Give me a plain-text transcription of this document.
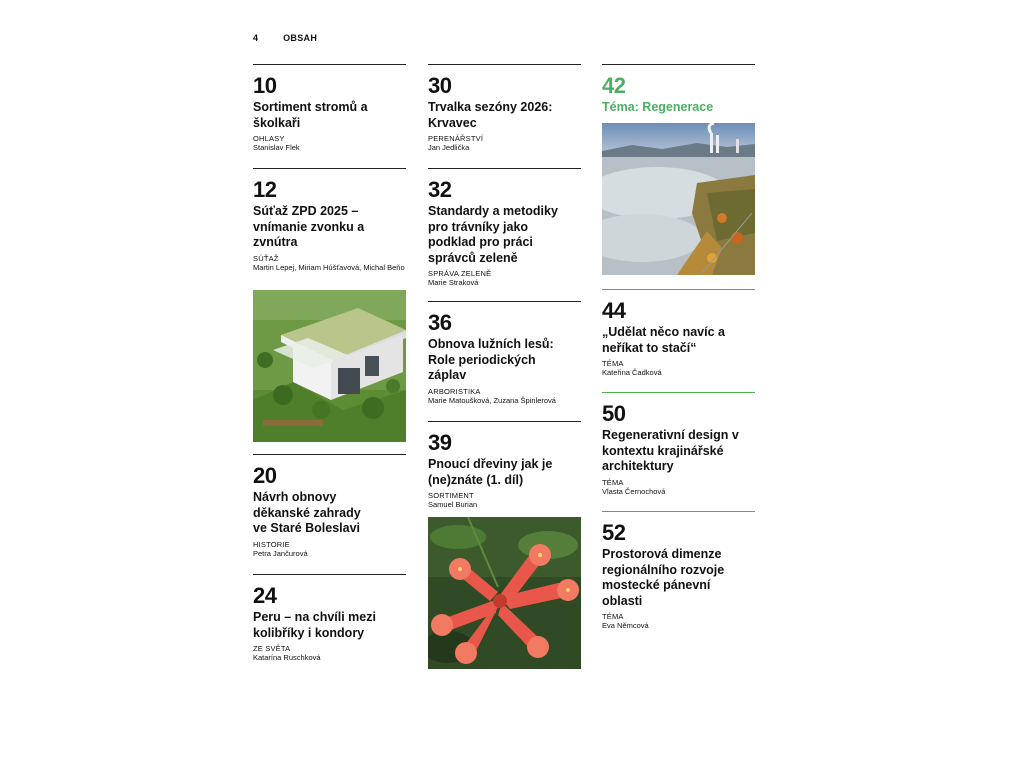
4	OBSAH
10
Sortiment stromů a školkaři
OHLASY
Stanislav Flek
12
Súťaž ZPD 2025 – vnímanie zvonku a zvnútra
SÚŤAŽ
Martin Lepej, Miriam Húšťavová, Michal Beňo
20
Návrh obnovy děkanské zahrady ve Staré Boleslavi
HISTORIE
Petra Jančurová
24
Peru – na chvíli mezi kolibříky i kondory
ZE SVĚTA
Katarína Ruschková
30
Trvalka sezóny 2026: Krvavec
PERENÁŘSTVÍ
Jan Jedlička
32
Standardy a metodiky pro trávníky jako podklad pro práci správců zeleně
SPRÁVA ZELENĚ
Marie Straková
36
Obnova lužních lesů: Role periodických záplav
ARBORISTIKA
Marie Matoušková, Zuzana Špinlerová
39
Pnoucí dřeviny jak je (ne)znáte (1. díl)
SORTIMENT
Samuel Burian
42
Téma: Regenerace
44
„Udělat něco navíc a neříkat to stačí“
TÉMA
Kateřina Čadková
50
Regenerativní design v kontextu krajinářské architektury
TÉMA
Vlasta Černochová
52
Prostorová dimenze regionálního rozvoje mostecké pánevní oblasti
TÉMA
Eva Němcová
